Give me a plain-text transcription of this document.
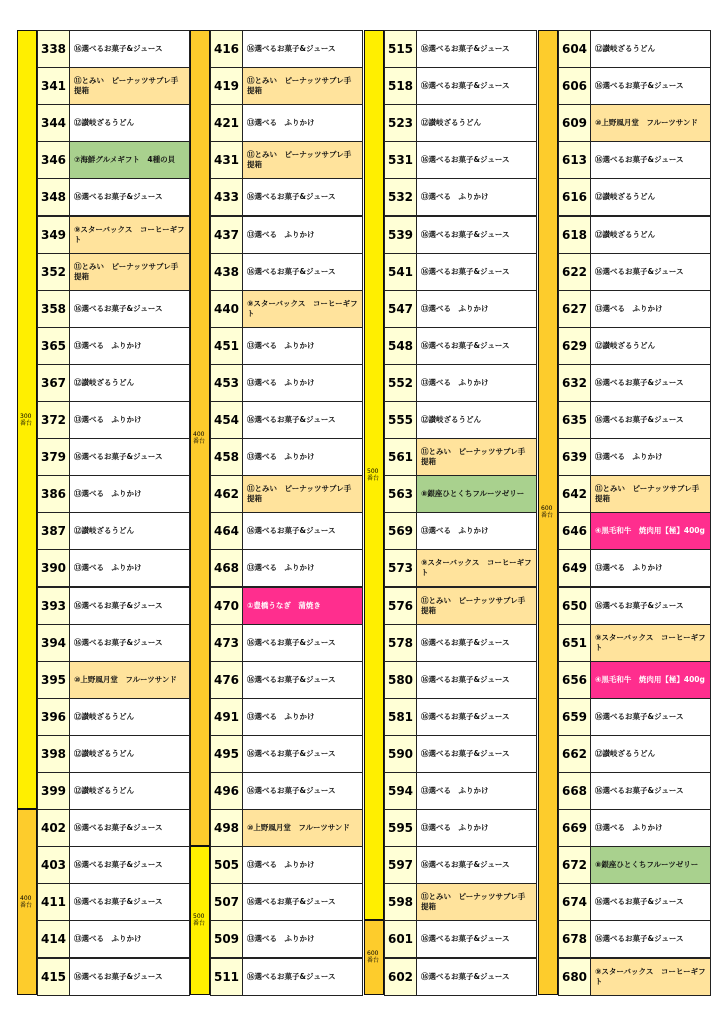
300番台
400番台
338	⑯選べるお菓子&ジュース
341	⑪とみい　ピーナッツサブレ手提箱
344	⑫讃岐ざるうどん
346	⑦海鮮グルメギフト　4種の貝
348	⑯選べるお菓子&ジュース
349	⑨スターバックス　コーヒーギフト
352	⑪とみい　ピーナッツサブレ手提箱
358	⑯選べるお菓子&ジュース
365	⑬選べる　ふりかけ
367	⑫讃岐ざるうどん
372	⑬選べる　ふりかけ
379	⑯選べるお菓子&ジュース
386	⑬選べる　ふりかけ
387	⑫讃岐ざるうどん
390	⑬選べる　ふりかけ
393	⑯選べるお菓子&ジュース
394	⑯選べるお菓子&ジュース
395	⑩上野風月堂　フルーツサンド
396	⑫讃岐ざるうどん
398	⑫讃岐ざるうどん
399	⑫讃岐ざるうどん
402	⑯選べるお菓子&ジュース
403	⑯選べるお菓子&ジュース
411	⑯選べるお菓子&ジュース
414	⑬選べる　ふりかけ
415	⑯選べるお菓子&ジュース
400番台
500番台
416	⑯選べるお菓子&ジュース
419	⑪とみい　ピーナッツサブレ手提箱
421	⑬選べる　ふりかけ
431	⑪とみい　ピーナッツサブレ手提箱
433	⑯選べるお菓子&ジュース
437	⑬選べる　ふりかけ
438	⑯選べるお菓子&ジュース
440	⑨スターバックス　コーヒーギフト
451	⑬選べる　ふりかけ
453	⑬選べる　ふりかけ
454	⑯選べるお菓子&ジュース
458	⑬選べる　ふりかけ
462	⑪とみい　ピーナッツサブレ手提箱
464	⑯選べるお菓子&ジュース
468	⑬選べる　ふりかけ
470	①豊橋うなぎ　蒲焼き
473	⑯選べるお菓子&ジュース
476	⑯選べるお菓子&ジュース
491	⑬選べる　ふりかけ
495	⑯選べるお菓子&ジュース
496	⑯選べるお菓子&ジュース
498	⑩上野風月堂　フルーツサンド
505	⑬選べる　ふりかけ
507	⑯選べるお菓子&ジュース
509	⑬選べる　ふりかけ
511	⑯選べるお菓子&ジュース
500番台
600番台
515	⑯選べるお菓子&ジュース
518	⑯選べるお菓子&ジュース
523	⑫讃岐ざるうどん
531	⑯選べるお菓子&ジュース
532	⑬選べる　ふりかけ
539	⑯選べるお菓子&ジュース
541	⑯選べるお菓子&ジュース
547	⑬選べる　ふりかけ
548	⑯選べるお菓子&ジュース
552	⑬選べる　ふりかけ
555	⑫讃岐ざるうどん
561	⑪とみい　ピーナッツサブレ手提箱
563	⑧銀座ひとくちフルーツゼリー
569	⑬選べる　ふりかけ
573	⑨スターバックス　コーヒーギフト
576	⑪とみい　ピーナッツサブレ手提箱
578	⑯選べるお菓子&ジュース
580	⑯選べるお菓子&ジュース
581	⑯選べるお菓子&ジュース
590	⑯選べるお菓子&ジュース
594	⑬選べる　ふりかけ
595	⑬選べる　ふりかけ
597	⑯選べるお菓子&ジュース
598	⑪とみい　ピーナッツサブレ手提箱
601	⑯選べるお菓子&ジュース
602	⑯選べるお菓子&ジュース
600番台
604	⑫讃岐ざるうどん
606	⑯選べるお菓子&ジュース
609	⑩上野風月堂　フルーツサンド
613	⑯選べるお菓子&ジュース
616	⑫讃岐ざるうどん
618	⑫讃岐ざるうどん
622	⑯選べるお菓子&ジュース
627	⑬選べる　ふりかけ
629	⑫讃岐ざるうどん
632	⑯選べるお菓子&ジュース
635	⑯選べるお菓子&ジュース
639	⑬選べる　ふりかけ
642	⑪とみい　ピーナッツサブレ手提箱
646	④黒毛和牛　焼肉用【極】400g
649	⑬選べる　ふりかけ
650	⑯選べるお菓子&ジュース
651	⑨スターバックス　コーヒーギフト
656	④黒毛和牛　焼肉用【極】400g
659	⑯選べるお菓子&ジュース
662	⑫讃岐ざるうどん
668	⑯選べるお菓子&ジュース
669	⑬選べる　ふりかけ
672	⑧銀座ひとくちフルーツゼリー
674	⑯選べるお菓子&ジュース
678	⑯選べるお菓子&ジュース
680	⑨スターバックス　コーヒーギフト
